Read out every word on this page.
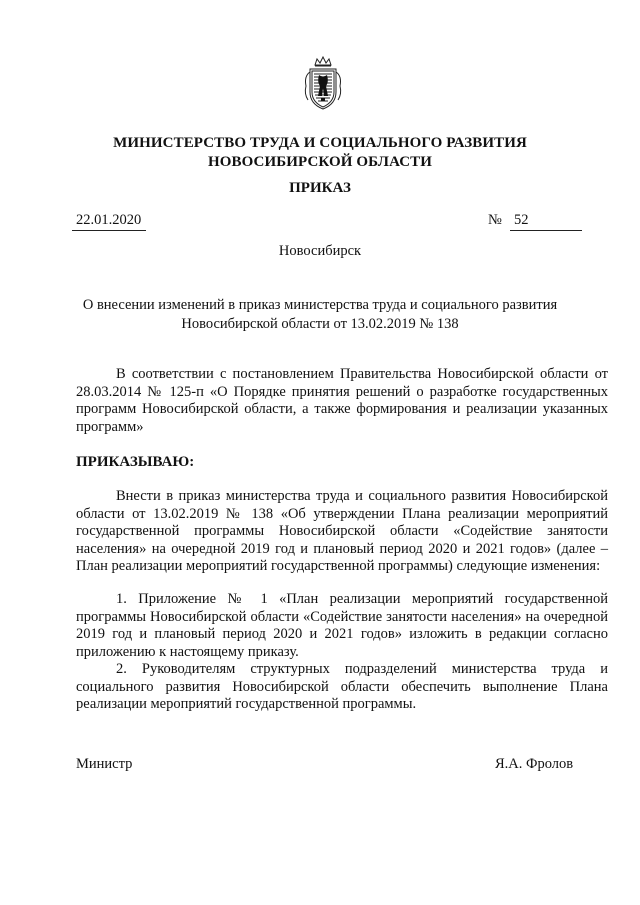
МИНИСТЕРСТВО ТРУДА И СОЦИАЛЬНОГО РАЗВИТИЯ
НОВОСИБИРСКОЙ ОБЛАСТИ
ПРИКАЗ
22.01.2020	№ 52
Новосибирск
О внесении изменений в приказ министерства труда и социального развития
Новосибирской области от 13.02.2019 № 138
В соответствии с постановлением Правительства Новосибирской области от 28.03.2014 № 125-п «О Порядке принятия решений о разработке государственных программ Новосибирской области, а также формирования и реализации указанных программ»
ПРИКАЗЫВАЮ:
Внести в приказ министерства труда и социального развития Новосибирской области от 13.02.2019 № 138 «Об утверждении Плана реализации мероприятий государственной программы Новосибирской области «Содействие занятости населения» на очередной 2019 год и плановый период 2020 и 2021 годов» (далее – План реализации мероприятий государственной программы) следующие изменения:
1. Приложение № 1 «План реализации мероприятий государственной программы Новосибирской области «Содействие занятости населения» на очередной 2019 год и плановый период 2020 и 2021 годов» изложить в редакции согласно приложению к настоящему приказу.
2. Руководителям структурных подразделений министерства труда и социального развития Новосибирской области обеспечить выполнение Плана реализации мероприятий государственной программы.
Министр	Я.А. Фролов
